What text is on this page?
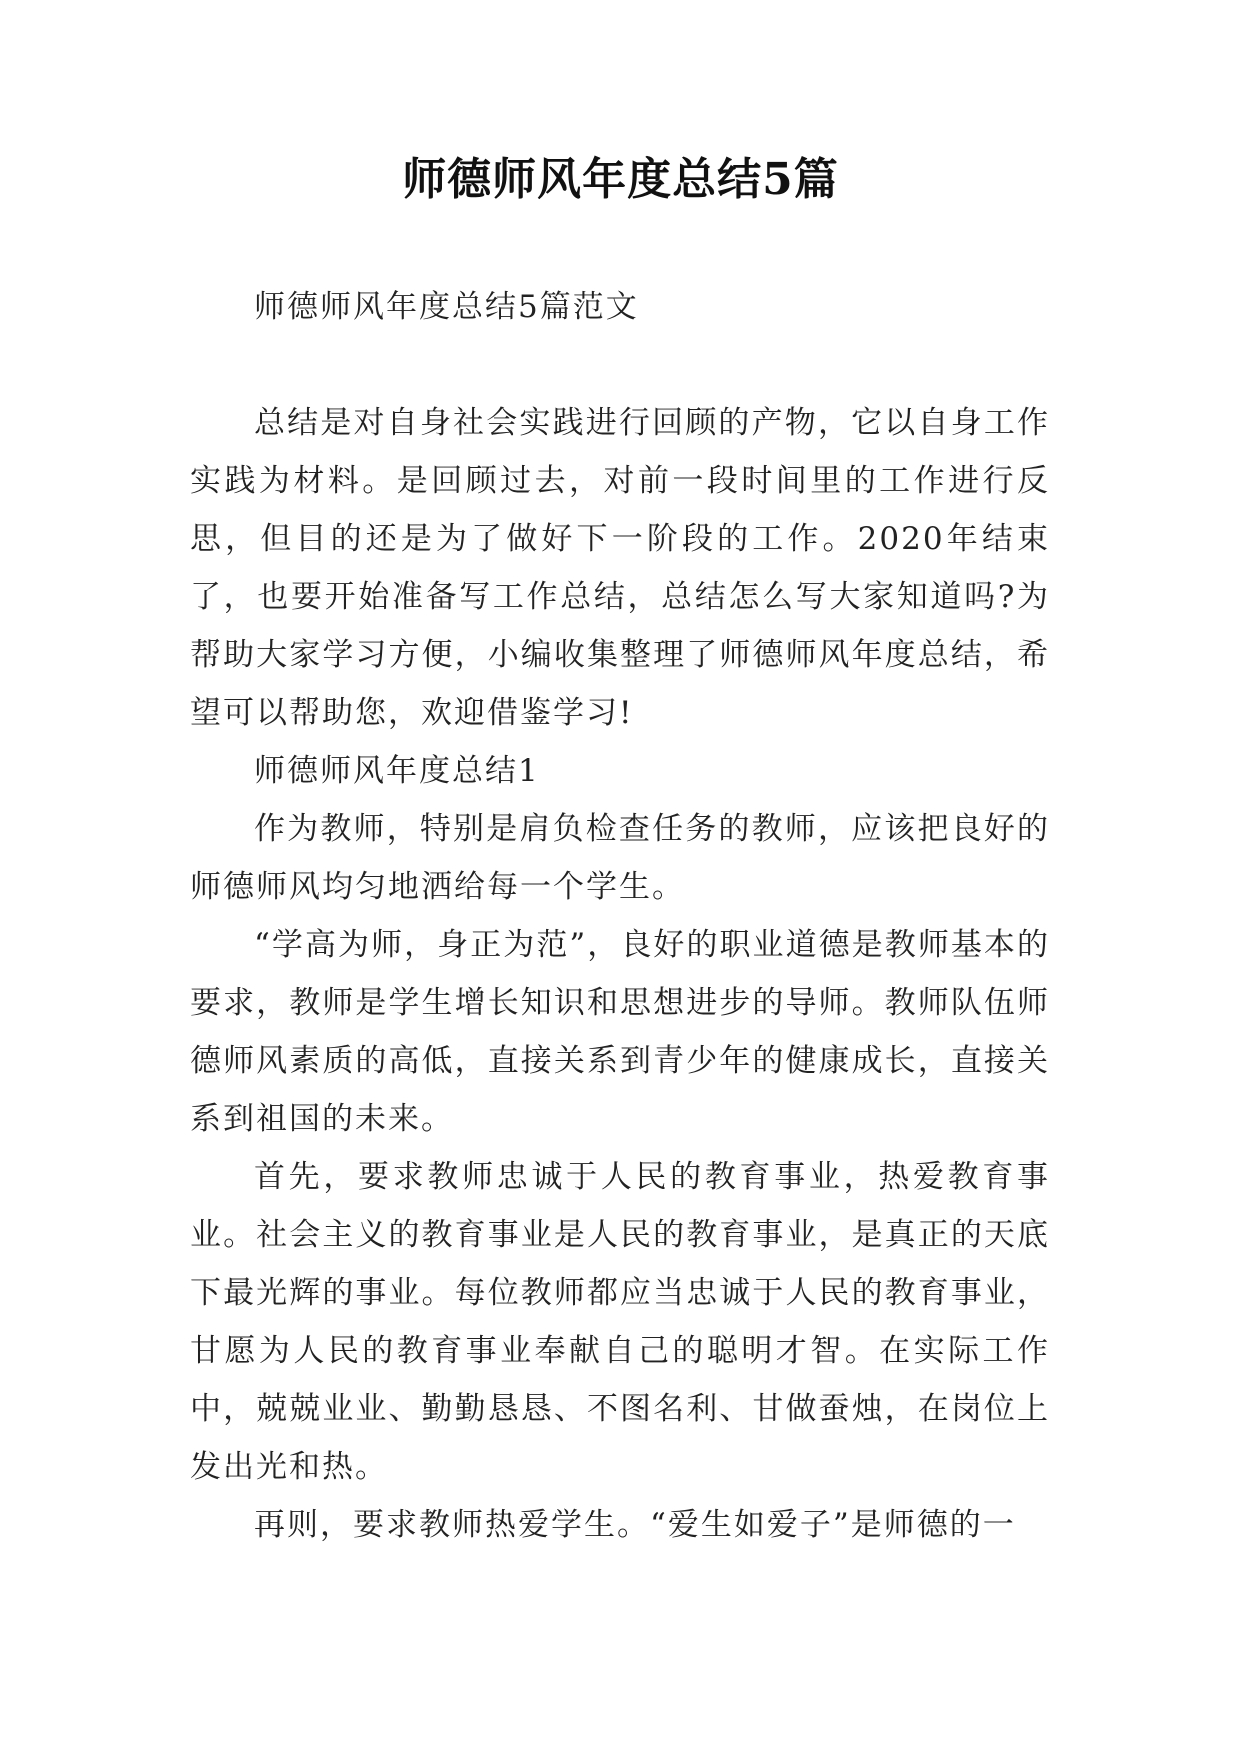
师德师风年度总结5篇

师德师风年度总结5篇范文

总结是对自身社会实践进行回顾的产物，它以自身工作实践为材料。是回顾过去，对前一段时间里的工作进行反思，但目的还是为了做好下一阶段的工作。2020年结束了，也要开始准备写工作总结，总结怎么写大家知道吗?为帮助大家学习方便，小编收集整理了师德师风年度总结，希望可以帮助您，欢迎借鉴学习!

师德师风年度总结1

作为教师，特别是肩负检查任务的教师，应该把良好的师德师风均匀地洒给每一个学生。

“学高为师，身正为范”，良好的职业道德是教师基本的要求，教师是学生增长知识和思想进步的导师。教师队伍师德师风素质的高低，直接关系到青少年的健康成长，直接关系到祖国的未来。

首先，要求教师忠诚于人民的教育事业，热爱教育事业。社会主义的教育事业是人民的教育事业，是真正的天底下最光辉的事业。每位教师都应当忠诚于人民的教育事业，甘愿为人民的教育事业奉献自己的聪明才智。在实际工作中，兢兢业业、勤勤恳恳、不图名利、甘做蚕烛，在岗位上发出光和热。

再则，要求教师热爱学生。“爱生如爱子”是师德的一
